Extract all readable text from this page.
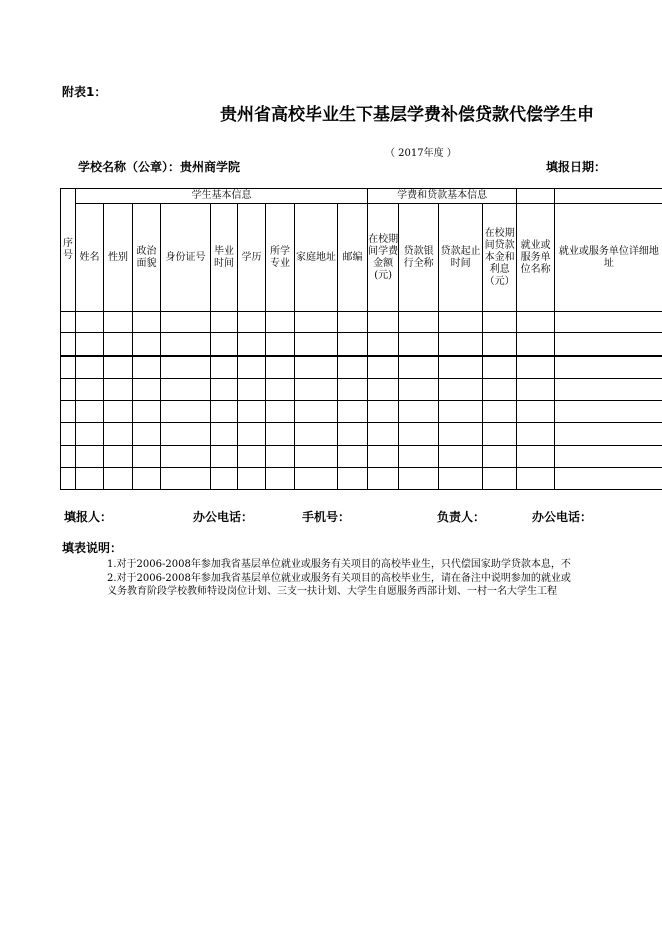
附表1：
贵州省高校毕业生下基层学费补偿贷款代偿学生申
（ 2017年度 ）
学校名称（公章）：贵州商学院	填报日期：
序号	学生基本信息									学费和贷款基本信息					
	姓名	性别	政治面貌	身份证号	毕业时间	学历	所学专业	家庭地址	邮编	在校期间学费金额(元)	贷款银行全称	贷款起止时间	在校期间贷款本金和利息（元）	就业或服务单位名称	就业或服务单位详细地址

填报人：	办公电话：	手机号：	负责人：	办公电话：
填表说明：
1.对于2006-2008年参加我省基层单位就业或服务有关项目的高校毕业生，只代偿国家助学贷款本息，不
2.对于2006-2008年参加我省基层单位就业或服务有关项目的高校毕业生，请在备注中说明参加的就业或
义务教育阶段学校教师特设岗位计划、三支一扶计划、大学生自愿服务西部计划、一村一名大学生工程
